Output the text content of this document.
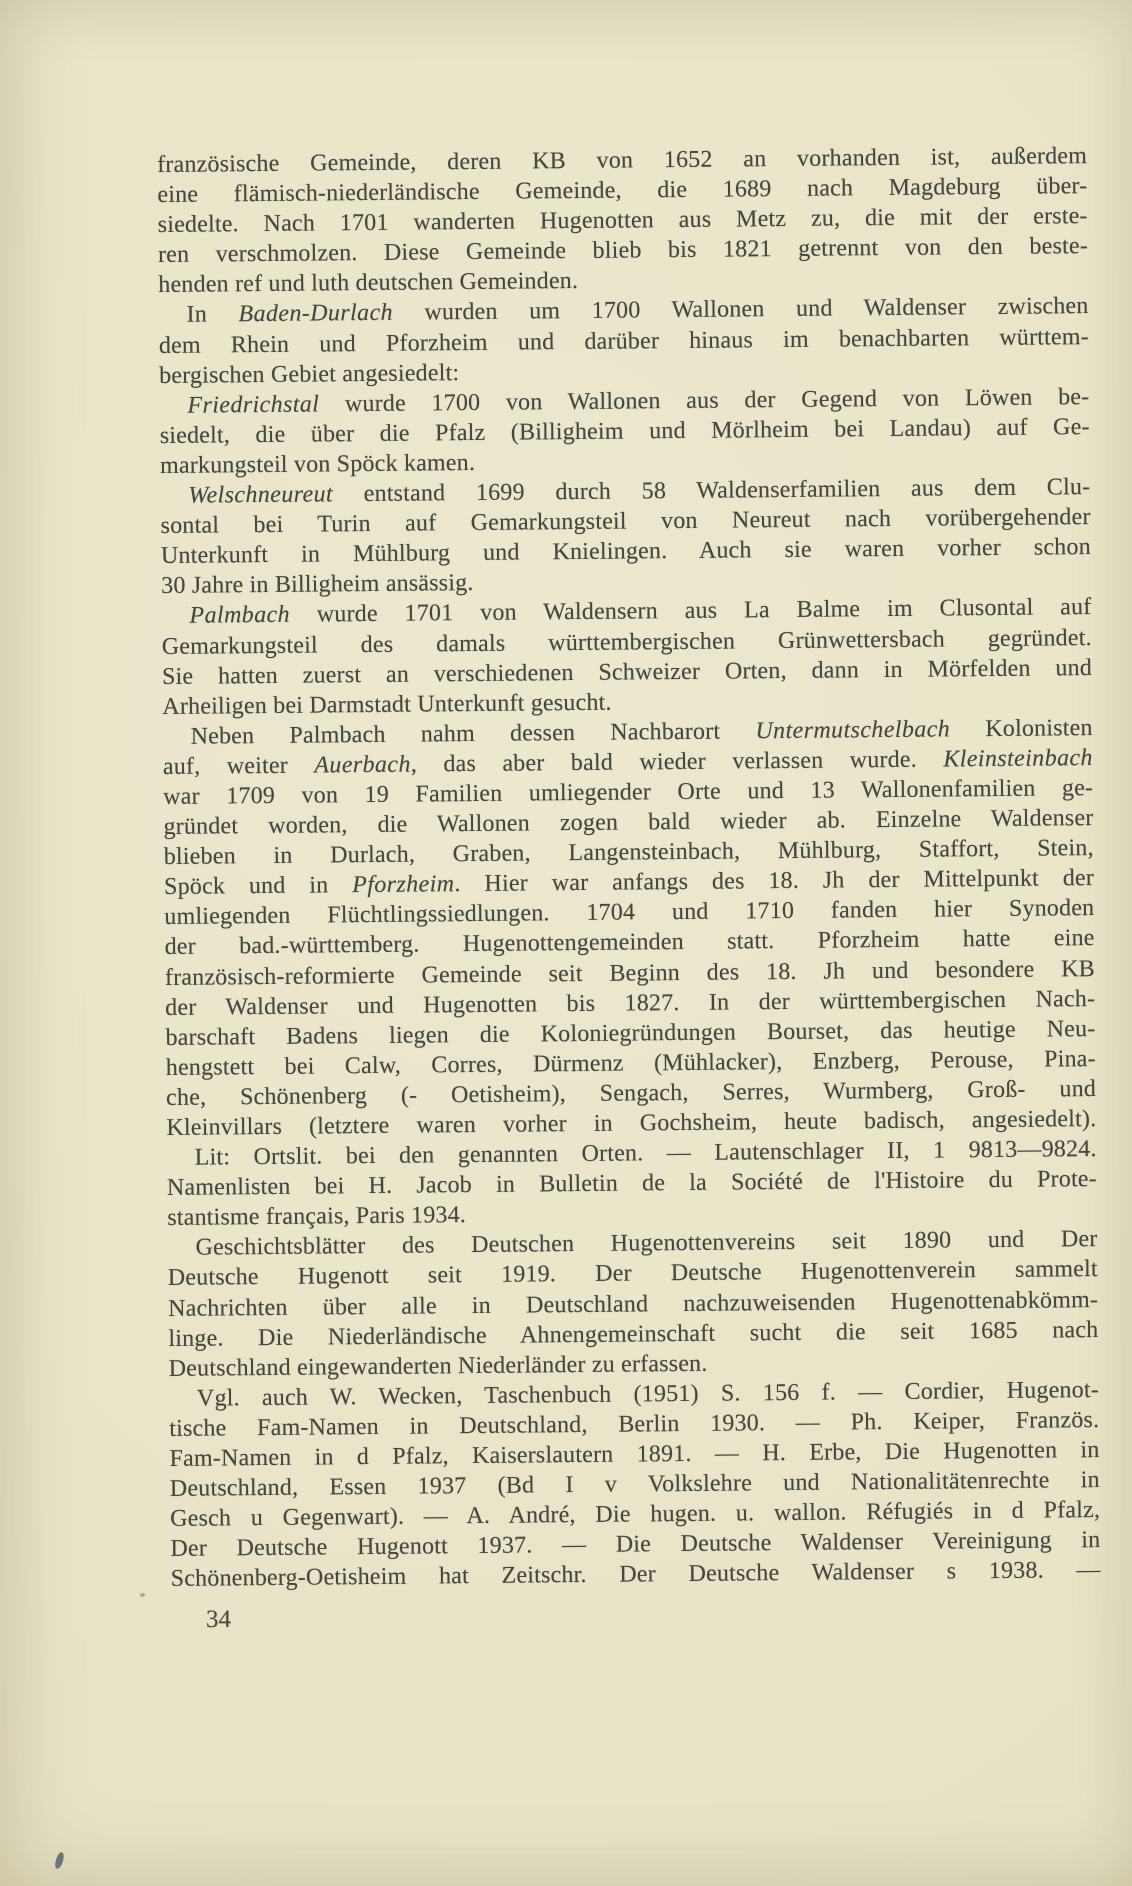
französische Gemeinde, deren KB von 1652 an vorhanden ist, außerdem
eine flämisch-niederländische Gemeinde, die 1689 nach Magdeburg über-
siedelte. Nach 1701 wanderten Hugenotten aus Metz zu, die mit der erste-
ren verschmolzen. Diese Gemeinde blieb bis 1821 getrennt von den beste-
henden ref und luth deutschen Gemeinden.
In Baden-Durlach wurden um 1700 Wallonen und Waldenser zwischen
dem Rhein und Pforzheim und darüber hinaus im benachbarten württem-
bergischen Gebiet angesiedelt:
Friedrichstal wurde 1700 von Wallonen aus der Gegend von Löwen be-
siedelt, die über die Pfalz (Billigheim und Mörlheim bei Landau) auf Ge-
markungsteil von Spöck kamen.
Welschneureut entstand 1699 durch 58 Waldenserfamilien aus dem Clu-
sontal bei Turin auf Gemarkungsteil von Neureut nach vorübergehender
Unterkunft in Mühlburg und Knielingen. Auch sie waren vorher schon
30 Jahre in Billigheim ansässig.
Palmbach wurde 1701 von Waldensern aus La Balme im Clusontal auf
Gemarkungsteil des damals württembergischen Grünwettersbach gegründet.
Sie hatten zuerst an verschiedenen Schweizer Orten, dann in Mörfelden und
Arheiligen bei Darmstadt Unterkunft gesucht.
Neben Palmbach nahm dessen Nachbarort Untermutschelbach Kolonisten
auf, weiter Auerbach, das aber bald wieder verlassen wurde. Kleinsteinbach
war 1709 von 19 Familien umliegender Orte und 13 Wallonenfamilien ge-
gründet worden, die Wallonen zogen bald wieder ab. Einzelne Waldenser
blieben in Durlach, Graben, Langensteinbach, Mühlburg, Staffort, Stein,
Spöck und in Pforzheim. Hier war anfangs des 18. Jh der Mittelpunkt der
umliegenden Flüchtlingssiedlungen. 1704 und 1710 fanden hier Synoden
der bad.-württemberg. Hugenottengemeinden statt. Pforzheim hatte eine
französisch-reformierte Gemeinde seit Beginn des 18. Jh und besondere KB
der Waldenser und Hugenotten bis 1827. In der württembergischen Nach-
barschaft Badens liegen die Koloniegründungen Bourset, das heutige Neu-
hengstett bei Calw, Corres, Dürmenz (Mühlacker), Enzberg, Perouse, Pina-
che, Schönenberg (- Oetisheim), Sengach, Serres, Wurmberg, Groß- und
Kleinvillars (letztere waren vorher in Gochsheim, heute badisch, angesiedelt).
Lit: Ortslit. bei den genannten Orten. — Lautenschlager II, 1 9813—9824.
Namenlisten bei H. Jacob in Bulletin de la Société de l'Histoire du Prote-
stantisme français, Paris 1934.
Geschichtsblätter des Deutschen Hugenottenvereins seit 1890 und Der
Deutsche Hugenott seit 1919. Der Deutsche Hugenottenverein sammelt
Nachrichten über alle in Deutschland nachzuweisenden Hugenottenabkömm-
linge. Die Niederländische Ahnengemeinschaft sucht die seit 1685 nach
Deutschland eingewanderten Niederländer zu erfassen.
Vgl. auch W. Wecken, Taschenbuch (1951) S. 156 f. — Cordier, Hugenot-
tische Fam-Namen in Deutschland, Berlin 1930. — Ph. Keiper, Französ.
Fam-Namen in d Pfalz, Kaiserslautern 1891. — H. Erbe, Die Hugenotten in
Deutschland, Essen 1937 (Bd I v Volkslehre und Nationalitätenrechte in
Gesch u Gegenwart). — A. André, Die hugen. u. wallon. Réfugiés in d Pfalz,
Der Deutsche Hugenott 1937. — Die Deutsche Waldenser Vereinigung in
Schönenberg-Oetisheim hat Zeitschr. Der Deutsche Waldenser s 1938. —
34
